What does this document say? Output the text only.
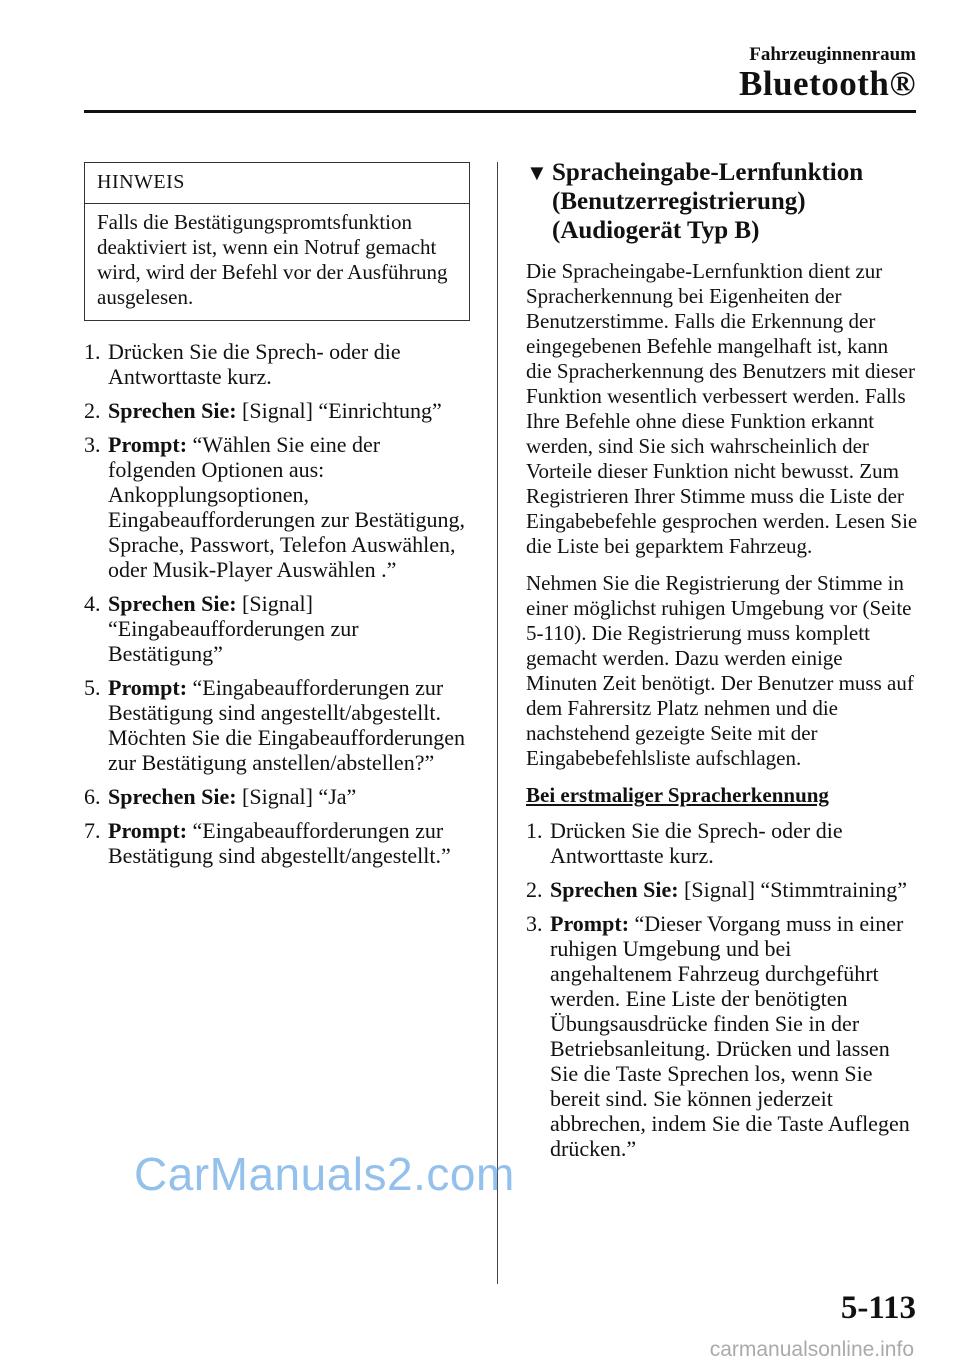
Fahrzeuginnenraum
Bluetooth®
HINWEIS
Falls die Bestätigungspromtsfunktion deaktiviert ist, wenn ein Notruf gemacht wird, wird der Befehl vor der Ausführung ausgelesen.
1. Drücken Sie die Sprech- oder die Antworttaste kurz.
2. Sprechen Sie: [Signal] “Einrichtung”
3. Prompt: “Wählen Sie eine der folgenden Optionen aus: Ankopplungsoptionen, Eingabeaufforderungen zur Bestätigung, Sprache, Passwort, Telefon Auswählen, oder Musik-Player Auswählen .”
4. Sprechen Sie: [Signal] “Eingabeaufforderungen zur Bestätigung”
5. Prompt: “Eingabeaufforderungen zur Bestätigung sind angestellt/abgestellt. Möchten Sie die Eingabeaufforderungen zur Bestätigung anstellen/abstellen?”
6. Sprechen Sie: [Signal] “Ja”
7. Prompt: “Eingabeaufforderungen zur Bestätigung sind abgestellt/angestellt.”
▼ Spracheingabe-Lernfunktion (Benutzerregistrierung) (Audiogerät Typ B)

Die Spracheingabe-Lernfunktion dient zur Spracherkennung bei Eigenheiten der Benutzerstimme. Falls die Erkennung der eingegebenen Befehle mangelhaft ist, kann die Spracherkennung des Benutzers mit dieser Funktion wesentlich verbessert werden. Falls Ihre Befehle ohne diese Funktion erkannt werden, sind Sie sich wahrscheinlich der Vorteile dieser Funktion nicht bewusst. Zum Registrieren Ihrer Stimme muss die Liste der Eingabebefehle gesprochen werden. Lesen Sie die Liste bei geparktem Fahrzeug.

Nehmen Sie die Registrierung der Stimme in einer möglichst ruhigen Umgebung vor (Seite 5-110). Die Registrierung muss komplett gemacht werden. Dazu werden einige Minuten Zeit benötigt. Der Benutzer muss auf dem Fahrersitz Platz nehmen und die nachstehend gezeigte Seite mit der Eingabebefehlsliste aufschlagen.

Bei erstmaliger Spracherkennung

1. Drücken Sie die Sprech- oder die Antworttaste kurz.
2. Sprechen Sie: [Signal] “Stimmtraining”
3. Prompt: “Dieser Vorgang muss in einer ruhigen Umgebung und bei angehaltenem Fahrzeug durchgeführt werden. Eine Liste der benötigten Übungsausdrücke finden Sie in der Betriebsanleitung. Drücken und lassen Sie die Taste Sprechen los, wenn Sie bereit sind. Sie können jederzeit abbrechen, indem Sie die Taste Auflegen drücken.”
CarManuals2.com
5-113
carmanualsonline.info
